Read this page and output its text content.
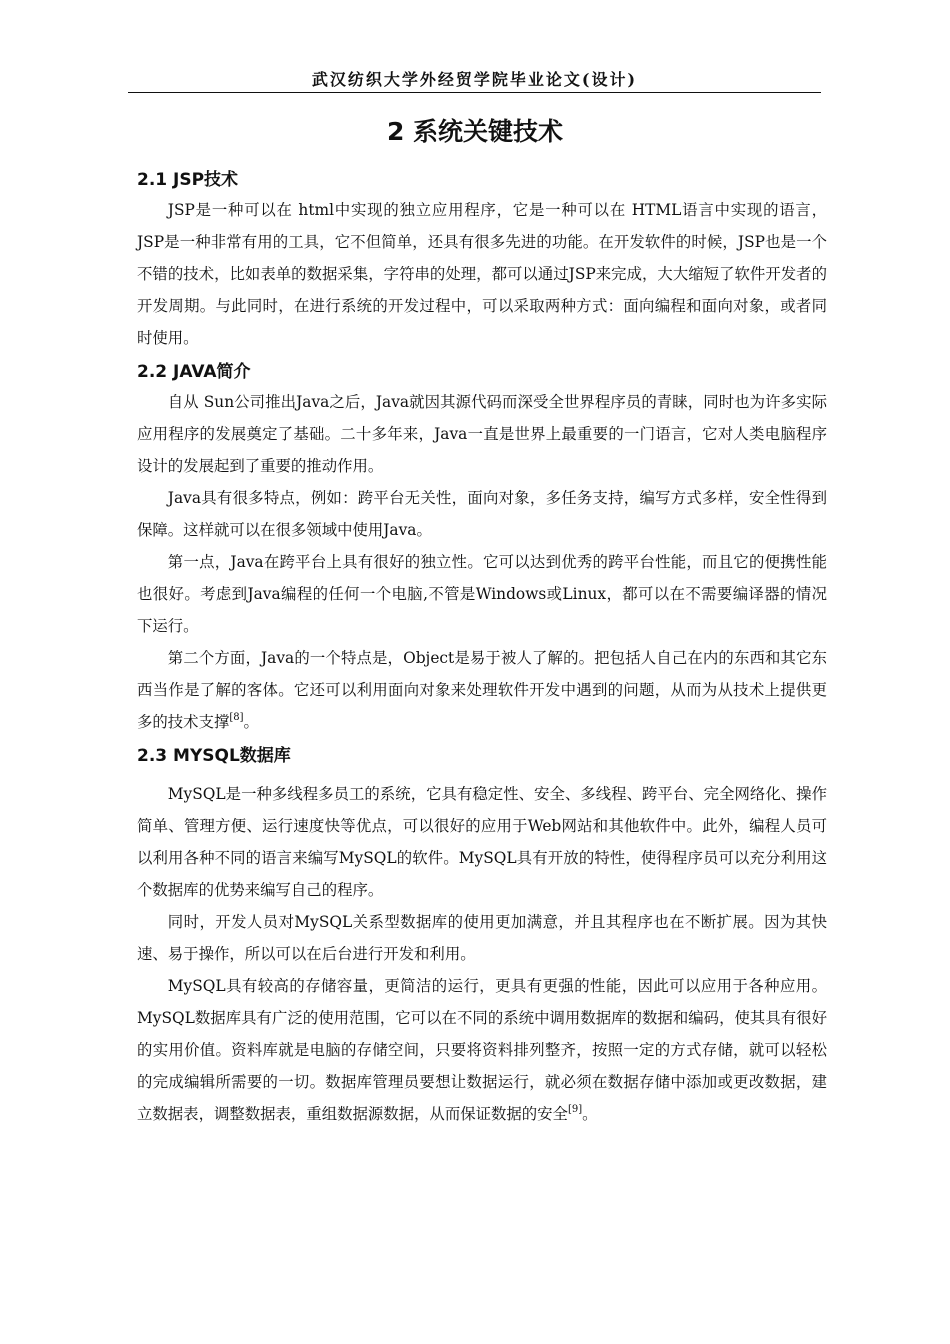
武汉纺织大学外经贸学院毕业论文(设计)
2 系统关键技术
2.1 JSP技术

JSP是一种可以在 html中实现的独立应用程序，它是一种可以在 HTML语言中实现的语言， JSP是一种非常有用的工具，它不但简单，还具有很多先进的功能。在开发软件的时候，JSP也是一个不错的技术，比如表单的数据采集，字符串的处理，都可以通过JSP来完成，大大缩短了软件开发者的开发周期。与此同时，在进行系统的开发过程中，可以采取两种方式：面向编程和面向对象，或者同时使用。

2.2 JAVA简介

自从 Sun公司推出Java之后，Java就因其源代码而深受全世界程序员的青睐，同时也为许多实际应用程序的发展奠定了基础。二十多年来，Java一直是世界上最重要的一门语言，它对人类电脑程序设计的发展起到了重要的推动作用。

Java具有很多特点，例如：跨平台无关性，面向对象，多任务支持，编写方式多样，安全性得到保障。这样就可以在很多领域中使用Java。

第一点，Java在跨平台上具有很好的独立性。它可以达到优秀的跨平台性能，而且它的便携性能也很好。考虑到Java编程的任何一个电脑,不管是Windows或Linux，都可以在不需要编译器的情况下运行。

第二个方面，Java的一个特点是，Object是易于被人了解的。把包括人自己在内的东西和其它东西当作是了解的客体。它还可以利用面向对象来处理软件开发中遇到的问题，从而为从技术上提供更多的技术支撑[8]。

2.3 MYSQL数据库

MySQL是一种多线程多员工的系统，它具有稳定性、安全、多线程、跨平台、完全网络化、操作简单、管理方便、运行速度快等优点，可以很好的应用于Web网站和其他软件中。此外，编程人员可以利用各种不同的语言来编写MySQL的软件。MySQL具有开放的特性，使得程序员可以充分利用这个数据库的优势来编写自己的程序。

同时，开发人员对MySQL关系型数据库的使用更加满意，并且其程序也在不断扩展。因为其快速、易于操作，所以可以在后台进行开发和利用。

MySQL具有较高的存储容量，更简洁的运行，更具有更强的性能，因此可以应用于各种应用。MySQL数据库具有广泛的使用范围，它可以在不同的系统中调用数据库的数据和编码，使其具有很好的实用价值。资料库就是电脑的存储空间，只要将资料排列整齐，按照一定的方式存储，就可以轻松的完成编辑所需要的一切。数据库管理员要想让数据运行，就必须在数据存储中添加或更改数据，建立数据表，调整数据表，重组数据源数据，从而保证数据的安全[9]。
